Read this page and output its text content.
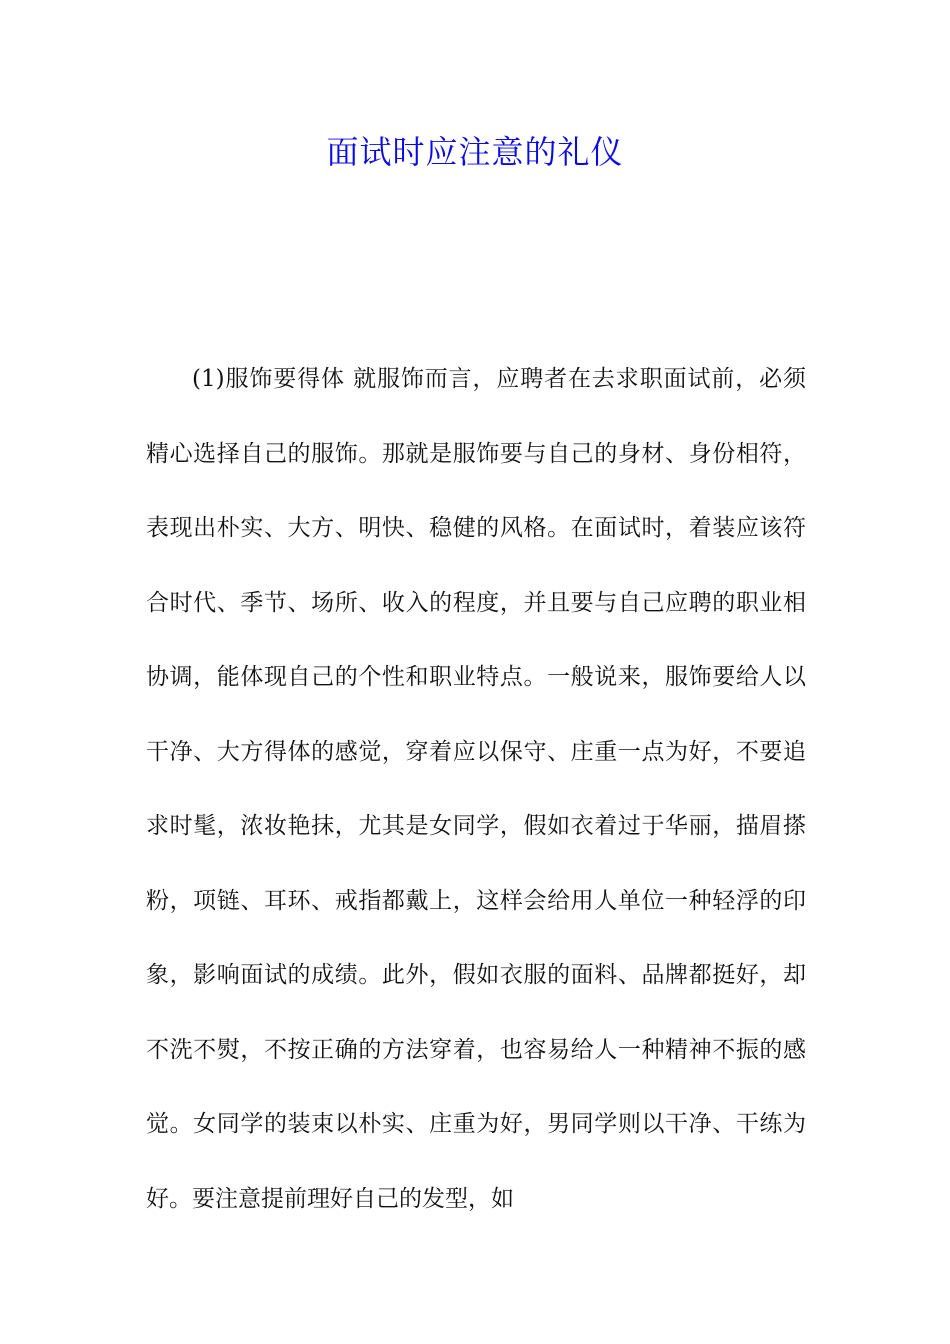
面试时应注意的礼仪

(1)服饰要得体 就服饰而言，应聘者在去求职面试前，必须精心选择自己的服饰。那就是服饰要与自己的身材、身份相符，表现出朴实、大方、明快、稳健的风格。在面试时，着装应该符合时代、季节、场所、收入的程度，并且要与自己应聘的职业相协调，能体现自己的个性和职业特点。一般说来，服饰要给人以干净、大方得体的感觉，穿着应以保守、庄重一点为好，不要追求时髦，浓妆艳抹，尤其是女同学，假如衣着过于华丽，描眉搽粉，项链、耳环、戒指都戴上，这样会给用人单位一种轻浮的印象，影响面试的成绩。此外，假如衣服的面料、品牌都挺好，却不洗不熨，不按正确的方法穿着，也容易给人一种精神不振的感觉。女同学的装束以朴实、庄重为好，男同学则以干净、干练为好。要注意提前理好自己的发型，如
